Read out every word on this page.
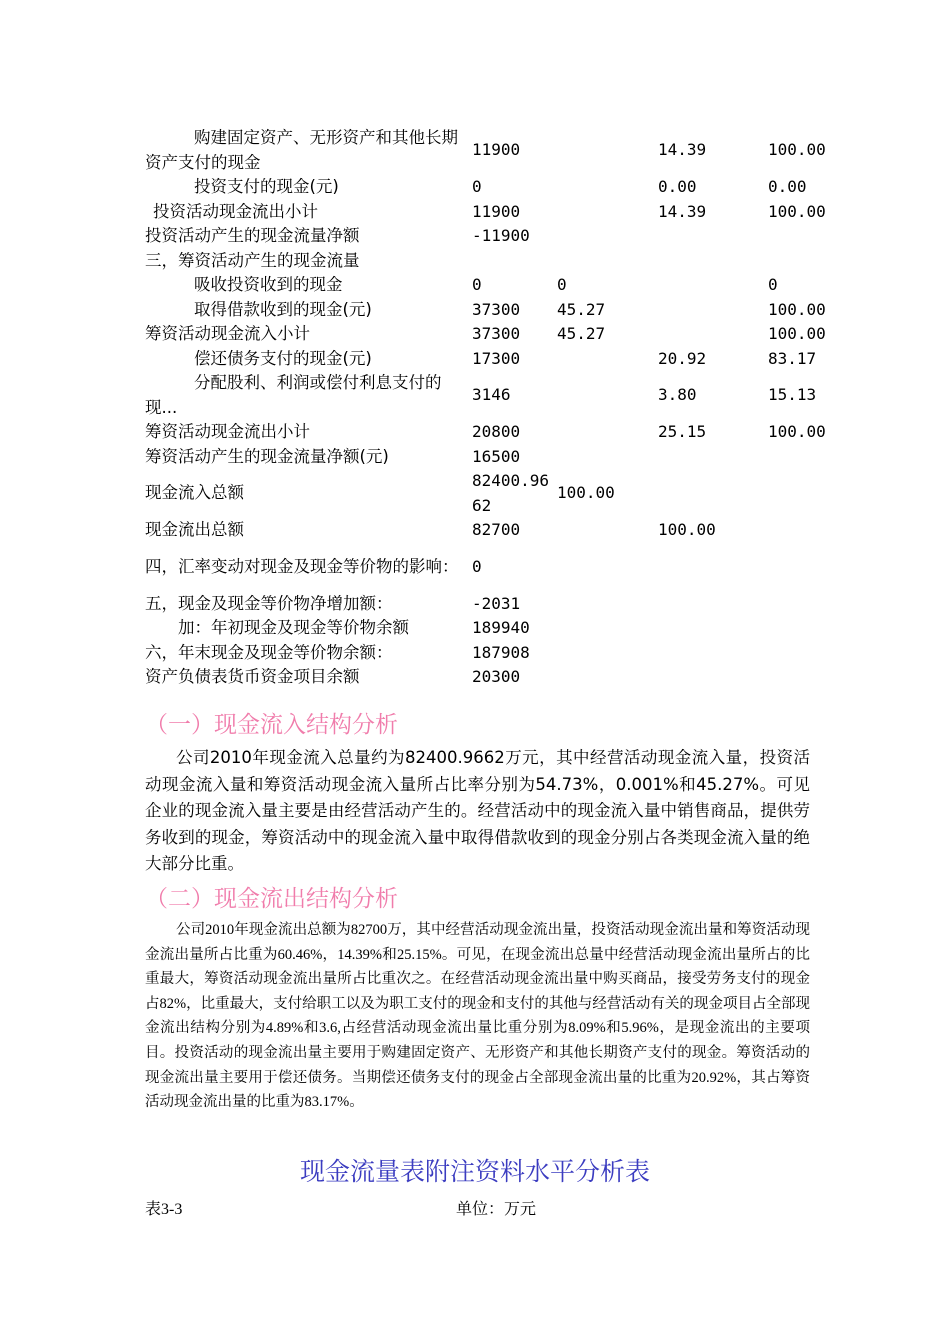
购建固定资产、无形资产和其他长期资产支付的现金	11900		14.39	100.00
投资支付的现金(元)	0		0.00	0.00
投资活动现金流出小计	11900		14.39	100.00
投资活动产生的现金流量净额	-11900			
三，筹资活动产生的现金流量				
吸收投资收到的现金	0	0		0
取得借款收到的现金(元)	37300	45.27		100.00
筹资活动现金流入小计	37300	45.27		100.00
偿还债务支付的现金(元)	17300		20.92	83.17
分配股利、利润或偿付利息支付的现...	3146		3.80	15.13
筹资活动现金流出小计	20800		25.15	100.00
筹资活动产生的现金流量净额(元)	16500			
现金流入总额	82400.9662	100.00		
现金流出总额	82700		100.00	
四，汇率变动对现金及现金等价物的影响：	0			
五，现金及现金等价物净增加额：	-2031			
加：年初现金及现金等价物余额	189940			
六，年末现金及现金等价物余额：	187908			
资产负债表货币资金项目余额	20300			
（一）现金流入结构分析

公司2010年现金流入总量约为82400.9662万元，其中经营活动现金流入量，投资活动现金流入量和筹资活动现金流入量所占比率分别为54.73%，0.001%和45.27%。可见企业的现金流入量主要是由经营活动产生的。经营活动中的现金流入量中销售商品，提供劳务收到的现金，筹资活动中的现金流入量中取得借款收到的现金分别占各类现金流入量的绝大部分比重。

（二）现金流出结构分析

公司2010年现金流出总额为82700万，其中经营活动现金流出量，投资活动现金流出量和筹资活动现金流出量所占比重为60.46%，14.39%和25.15%。可见，在现金流出总量中经营活动现金流出量所占的比重最大，筹资活动现金流出量所占比重次之。在经营活动现金流出量中购买商品，接受劳务支付的现金占82%，比重最大，支付给职工以及为职工支付的现金和支付的其他与经营活动有关的现金项目占全部现金流出结构分别为4.89%和3.6,占经营活动现金流出量比重分别为8.09%和5.96%，是现金流出的主要项目。投资活动的现金流出量主要用于购建固定资产、无形资产和其他长期资产支付的现金。筹资活动的现金流出量主要用于偿还债务。当期偿还债务支付的现金占全部现金流出量的比重为20.92%，其占筹资活动现金流出量的比重为83.17%。

现金流量表附注资料水平分析表
表3-3	单位：万元
